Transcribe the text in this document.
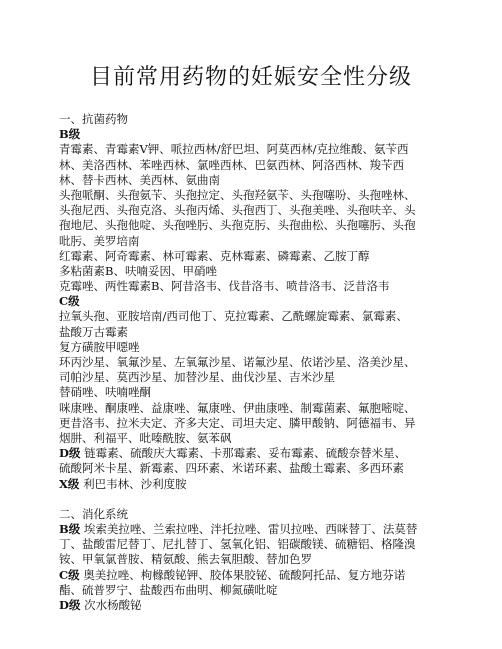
目前常用药物的妊娠安全性分级
一、抗菌药物
B级
青霉素、青霉素V钾、哌拉西林/舒巴坦、阿莫西林/克拉维酸、氨苄西
林、美洛西林、苯唑西林、氯唑西林、巴氨西林、阿洛西林、羧苄西
林、替卡西林、美西林、氨曲南
头孢哌酮、头孢氨苄、头孢拉定、头孢羟氨苄、头孢噻吩、头孢唑林、
头孢尼西、头孢克洛、头孢丙烯、头孢西丁、头孢美唑、头孢呋辛、头
孢地尼、头孢他啶、头孢唑肟、头孢克肟、头孢曲松、头孢噻肟、头孢
吡肟、美罗培南
红霉素、阿奇霉素、林可霉素、克林霉素、磷霉素、乙胺丁醇
多粘菌素B、呋喃妥因、甲硝唑
克霉唑、两性霉素B、阿昔洛韦、伐昔洛韦、喷昔洛韦、泛昔洛韦
C级
拉氧头孢、亚胺培南/西司他丁、克拉霉素、乙酰螺旋霉素、氯霉素、
盐酸万古霉素
复方磺胺甲噁唑
环丙沙星、氧氟沙星、左氧氟沙星、诺氟沙星、依诺沙星、洛美沙星、
司帕沙星、莫西沙星、加替沙星、曲伐沙星、吉米沙星
替硝唑、呋喃唑酮
咪康唑、酮康唑、益康唑、氟康唑、伊曲康唑、制霉菌素、氟胞嘧啶、
更昔洛韦、拉米夫定、齐多夫定、司坦夫定、膦甲酸钠、阿德福韦、异
烟肼、利福平、吡嗪酰胺、氨苯砜
D级 链霉素、硫酸庆大霉素、卡那霉素、妥布霉素、硫酸奈替米星、
硫酸阿米卡星、新霉素、四环素、米诺环素、盐酸土霉素、多西环素
X级 利巴韦林、沙利度胺
二、消化系统
B级 埃索美拉唑、兰索拉唑、泮托拉唑、雷贝拉唑、西咪替丁、法莫替
丁、盐酸雷尼替丁、尼扎替丁、氢氧化铝、铝碳酸镁、硫糖铝、格隆溴
铵、甲氧氯普胺、精氨酸、熊去氧胆酸、替加色罗
C级 奥美拉唑、枸橼酸铋钾、胶体果胶铋、硫酸阿托品、复方地芬诺
酯、硫普罗宁、盐酸西布曲明、柳氮磺吡啶
D级 次水杨酸铋
